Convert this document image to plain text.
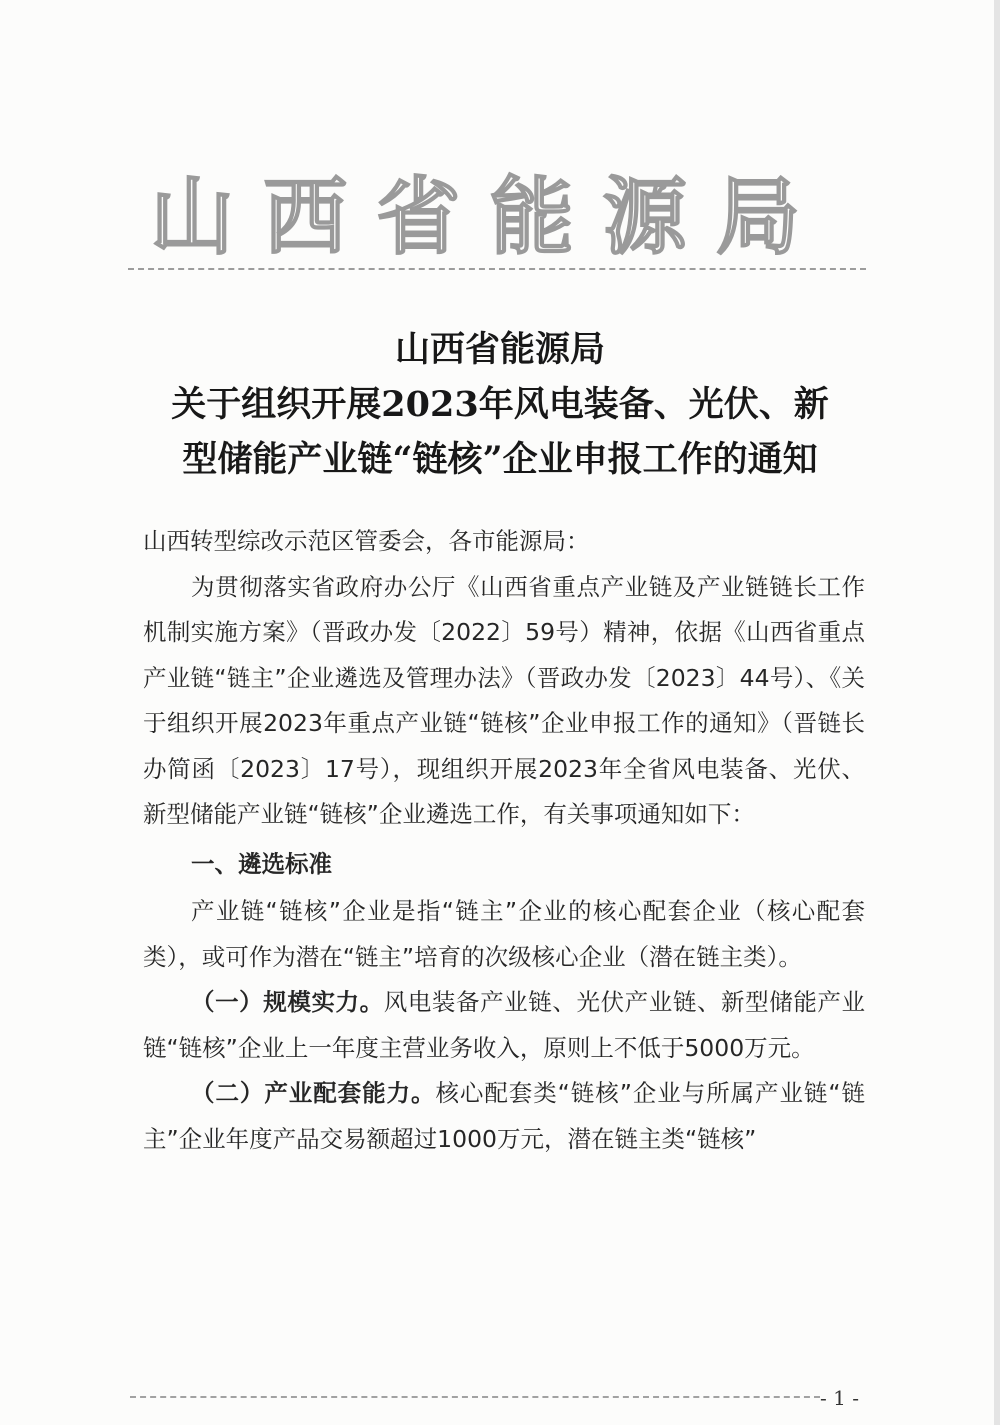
山 西 省 能 源 局
山西省能源局
关于组织开展2023年风电装备、光伏、新
型储能产业链“链核”企业申报工作的通知

山西转型综改示范区管委会，各市能源局：

为贯彻落实省政府办公厅《山西省重点产业链及产业链链长工作机制实施方案》（晋政办发〔2022〕59号）精神，依据《山西省重点产业链“链主”企业遴选及管理办法》（晋政办发〔2023〕44号）、《关于组织开展2023年重点产业链“链核”企业申报工作的通知》（晋链长办简函〔2023〕17号），现组织开展2023年全省风电装备、光伏、新型储能产业链“链核”企业遴选工作，有关事项通知如下：

一、遴选标准

产业链“链核”企业是指“链主”企业的核心配套企业（核心配套类），或可作为潜在“链主”培育的次级核心企业（潜在链主类）。

（一）规模实力。风电装备产业链、光伏产业链、新型储能产业链“链核”企业上一年度主营业务收入，原则上不低于5000万元。

（二）产业配套能力。核心配套类“链核”企业与所属产业链“链主”企业年度产品交易额超过1000万元，潜在链主类“链核”

- 1 -
